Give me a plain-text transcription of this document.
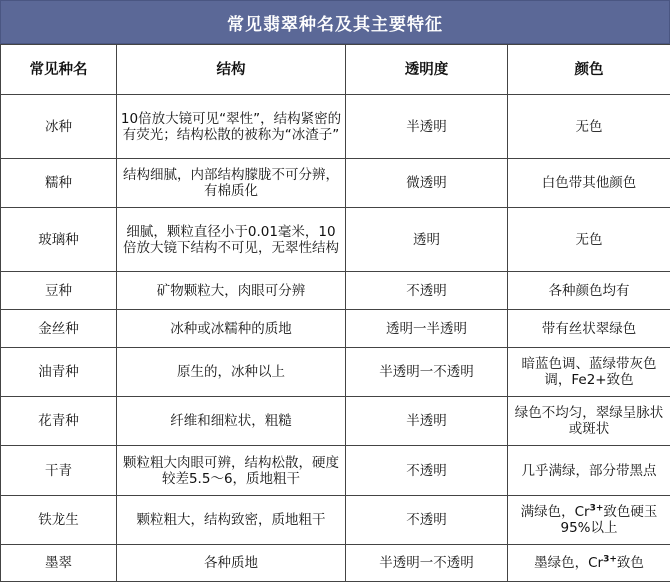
常见翡翠种名及其主要特征
常见种名	结构	透明度	颜色
冰种	10倍放大镜可见“翠性”，结构紧密的有荧光；结构松散的被称为“冰渣子”	半透明	无色
糯种	结构细腻，内部结构朦胧不可分辨，有棉质化	微透明	白色带其他颜色
玻璃种	细腻，颗粒直径小于0.01毫米，10倍放大镜下结构不可见，无翠性结构	透明	无色
豆种	矿物颗粒大，肉眼可分辨	不透明	各种颜色均有
金丝种	冰种或冰糯种的质地	透明一半透明	带有丝状翠绿色
油青种	原生的，冰种以上	半透明一不透明	暗蓝色调、蓝绿带灰色调，Fe2+致色
花青种	纤维和细粒状，粗糙	半透明	绿色不均匀，翠绿呈脉状或斑状
干青	颗粒粗大肉眼可辨，结构松散，硬度较差5.5～6，质地粗干	不透明	几乎满绿，部分带黑点
铁龙生	颗粒粗大，结构致密，质地粗干	不透明	满绿色，$Cr^{3+}$致色硬玉95%以上
墨翠	各种质地	半透明一不透明	墨绿色，$Cr^{3+}$致色
